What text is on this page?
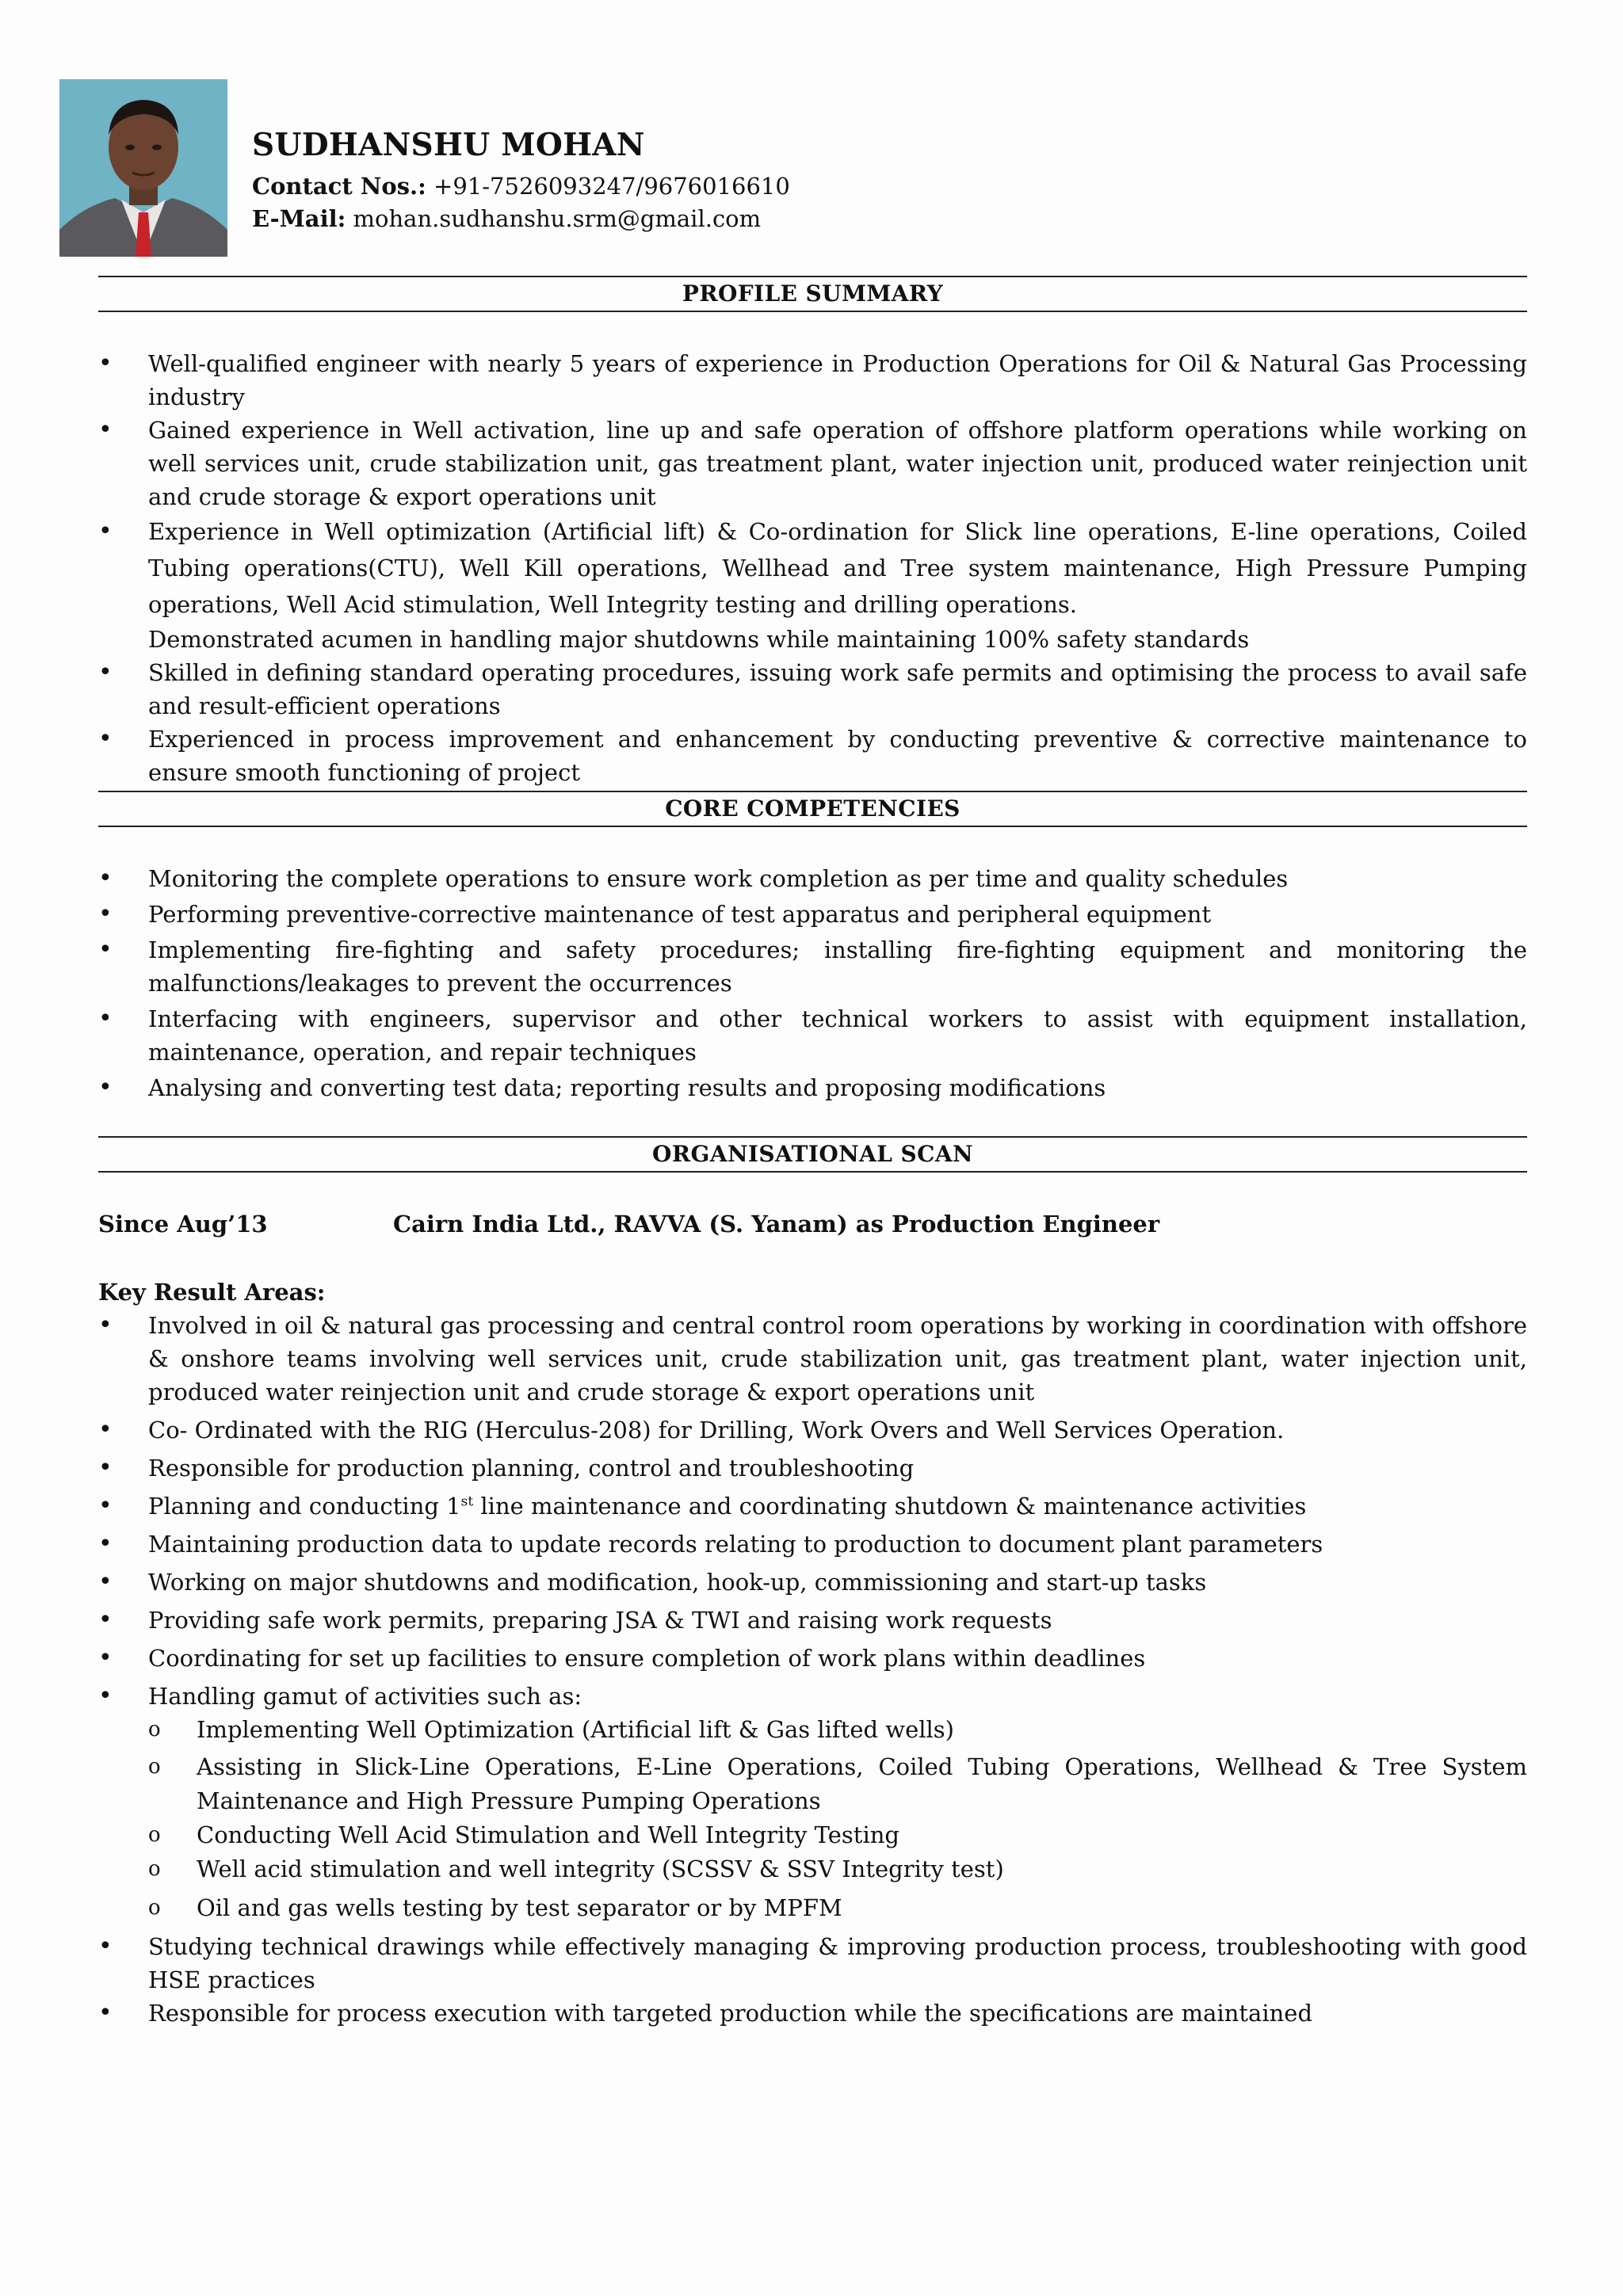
SUDHANSHU MOHAN
Contact Nos.: +91-7526093247/9676016610
E-Mail: mohan.sudhanshu.srm@gmail.com
PROFILE SUMMARY
• Well-qualified engineer with nearly 5 years of experience in Production Operations for Oil & Natural Gas Processing industry
• Gained experience in Well activation, line up and safe operation of offshore platform operations while working on well services unit, crude stabilization unit, gas treatment plant, water injection unit, produced water reinjection unit and crude storage & export operations unit
• Experience in Well optimization (Artificial lift) & Co-ordination for Slick line operations, E-line operations, Coiled Tubing operations(CTU), Well Kill operations, Wellhead and Tree system maintenance, High Pressure Pumping operations, Well Acid stimulation, Well Integrity testing and drilling operations.
Demonstrated acumen in handling major shutdowns while maintaining 100% safety standards
• Skilled in defining standard operating procedures, issuing work safe permits and optimising the process to avail safe and result-efficient operations
• Experienced in process improvement and enhancement by conducting preventive & corrective maintenance to ensure smooth functioning of project
CORE COMPETENCIES
• Monitoring the complete operations to ensure work completion as per time and quality schedules
• Performing preventive-corrective maintenance of test apparatus and peripheral equipment
• Implementing fire-fighting and safety procedures; installing fire-fighting equipment and monitoring the malfunctions/leakages to prevent the occurrences
• Interfacing with engineers, supervisor and other technical workers to assist with equipment installation, maintenance, operation, and repair techniques
• Analysing and converting test data; reporting results and proposing modifications
ORGANISATIONAL SCAN
Since Aug’13	Cairn India Ltd., RAVVA (S. Yanam) as Production Engineer
Key Result Areas:
• Involved in oil & natural gas processing and central control room operations by working in coordination with offshore & onshore teams involving well services unit, crude stabilization unit, gas treatment plant, water injection unit, produced water reinjection unit and crude storage & export operations unit
• Co- Ordinated with the RIG (Herculus-208) for Drilling, Work Overs and Well Services Operation.
• Responsible for production planning, control and troubleshooting
• Planning and conducting 1st line maintenance and coordinating shutdown & maintenance activities
• Maintaining production data to update records relating to production to document plant parameters
• Working on major shutdowns and modification, hook-up, commissioning and start-up tasks
• Providing safe work permits, preparing JSA & TWI and raising work requests
• Coordinating for set up facilities to ensure completion of work plans within deadlines
• Handling gamut of activities such as:
o Implementing Well Optimization (Artificial lift & Gas lifted wells)
o Assisting in Slick-Line Operations, E-Line Operations, Coiled Tubing Operations, Wellhead & Tree System Maintenance and High Pressure Pumping Operations
o Conducting Well Acid Stimulation and Well Integrity Testing
o Well acid stimulation and well integrity (SCSSV & SSV Integrity test)
o Oil and gas wells testing by test separator or by MPFM
• Studying technical drawings while effectively managing & improving production process, troubleshooting with good HSE practices
• Responsible for process execution with targeted production while the specifications are maintained
